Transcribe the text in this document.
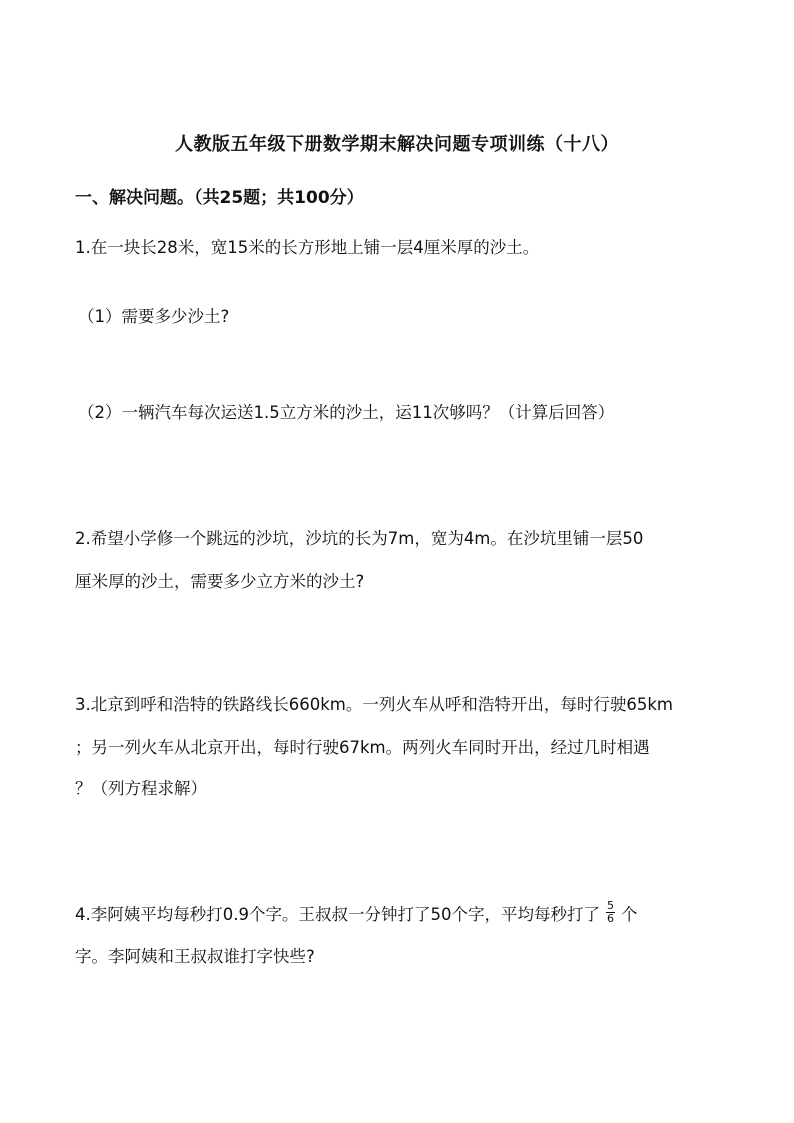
人教版五年级下册数学期末解决问题专项训练（十八）
一、解决问题。（共25题；共100分）
1.在一块长28米，宽15米的长方形地上铺一层4厘米厚的沙土。
（1）需要多少沙土?
（2）一辆汽车每次运送1.5立方米的沙土，运11次够吗？（计算后回答）
2.希望小学修一个跳远的沙坑，沙坑的长为7m，宽为4m。在沙坑里铺一层50
厘米厚的沙土，需要多少立方米的沙土?
3.北京到呼和浩特的铁路线长660km。一列火车从呼和浩特开出，每时行驶65km
；另一列火车从北京开出，每时行驶67km。两列火车同时开出，经过几时相遇
？（列方程求解）
4.李阿姨平均每秒打0.9个字。王叔叔一分钟打了50个字，平均每秒打了 $\frac{5}{6}$ 个
字。李阿姨和王叔叔谁打字快些?
